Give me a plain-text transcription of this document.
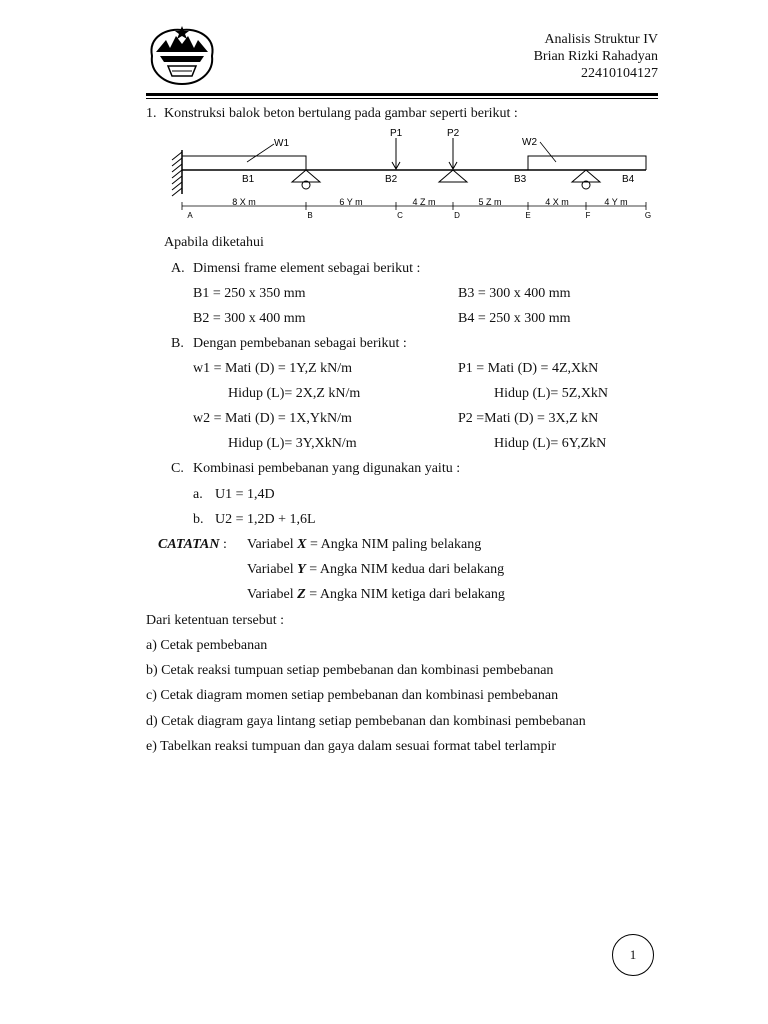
Analisis Struktur IV
Brian Rizki Rahadyan
22410104127
1. Konstruksi balok beton bertulang pada gambar seperti berikut :
W1	W2
P1	P2
B1	B2	B3	B4
8 X m	6 Y m	4 Z m	5 Z m	4 X m	4 Y m
A	B	C	D	E	F	G
Apabila diketahui
A. Dimensi frame element sebagai berikut :
B1 = 250 x 350 mm	B3 = 300 x 400 mm
B2 = 300 x 400 mm	B4 = 250 x 300 mm
B. Dengan pembebanan sebagai berikut :
w1 = Mati (D) = 1Y,Z kN/m	P1 = Mati (D) = 4Z,XkN
Hidup (L)= 2X,Z kN/m	Hidup (L)= 5Z,XkN
w2 = Mati (D) = 1X,YkN/m	P2 =Mati (D) = 3X,Z kN
Hidup (L)= 3Y,XkN/m	Hidup (L)= 6Y,ZkN
C. Kombinasi pembebanan yang digunakan yaitu :
a. U1 = 1,4D
b. U2 = 1,2D + 1,6L
CATATAN : Variabel X = Angka NIM paling belakang
Variabel Y = Angka NIM kedua dari belakang
Variabel Z = Angka NIM ketiga dari belakang
Dari ketentuan tersebut :
a) Cetak pembebanan
b) Cetak reaksi tumpuan setiap pembebanan dan kombinasi pembebanan
c) Cetak diagram momen setiap pembebanan dan kombinasi pembebanan
d) Cetak diagram gaya lintang setiap pembebanan dan kombinasi pembebanan
e) Tabelkan reaksi tumpuan dan gaya dalam sesuai format tabel terlampir
1
